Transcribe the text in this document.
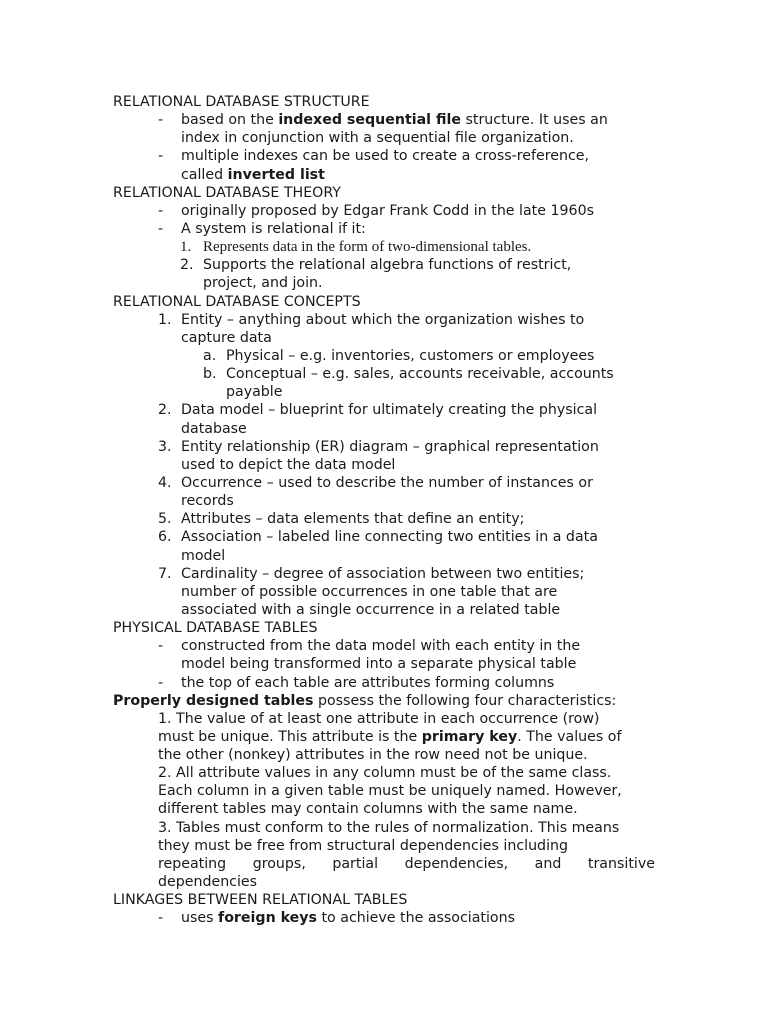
RELATIONAL DATABASE STRUCTURE
- based on the indexed sequential file structure. It uses an
index in conjunction with a sequential file organization.
- multiple indexes can be used to create a cross-reference,
called inverted list
RELATIONAL DATABASE THEORY
- originally proposed by Edgar Frank Codd in the late 1960s
- A system is relational if it:
1. Represents data in the form of two-dimensional tables.
2. Supports the relational algebra functions of restrict,
project, and join.
RELATIONAL DATABASE CONCEPTS
1. Entity – anything about which the organization wishes to
capture data
a. Physical – e.g. inventories, customers or employees
b. Conceptual – e.g. sales, accounts receivable, accounts
payable
2. Data model – blueprint for ultimately creating the physical
database
3. Entity relationship (ER) diagram – graphical representation
used to depict the data model
4. Occurrence – used to describe the number of instances or
records
5. Attributes – data elements that define an entity;
6. Association – labeled line connecting two entities in a data
model
7. Cardinality – degree of association between two entities;
number of possible occurrences in one table that are
associated with a single occurrence in a related table
PHYSICAL DATABASE TABLES
- constructed from the data model with each entity in the
model being transformed into a separate physical table
- the top of each table are attributes forming columns
Properly designed tables possess the following four characteristics:
1. The value of at least one attribute in each occurrence (row)
must be unique. This attribute is the primary key. The values of
the other (nonkey) attributes in the row need not be unique.
2. All attribute values in any column must be of the same class.
Each column in a given table must be uniquely named. However,
different tables may contain columns with the same name.
3. Tables must conform to the rules of normalization. This means
they must be free from structural dependencies including
repeating groups, partial dependencies, and transitive
dependencies
LINKAGES BETWEEN RELATIONAL TABLES
- uses foreign keys to achieve the associations
